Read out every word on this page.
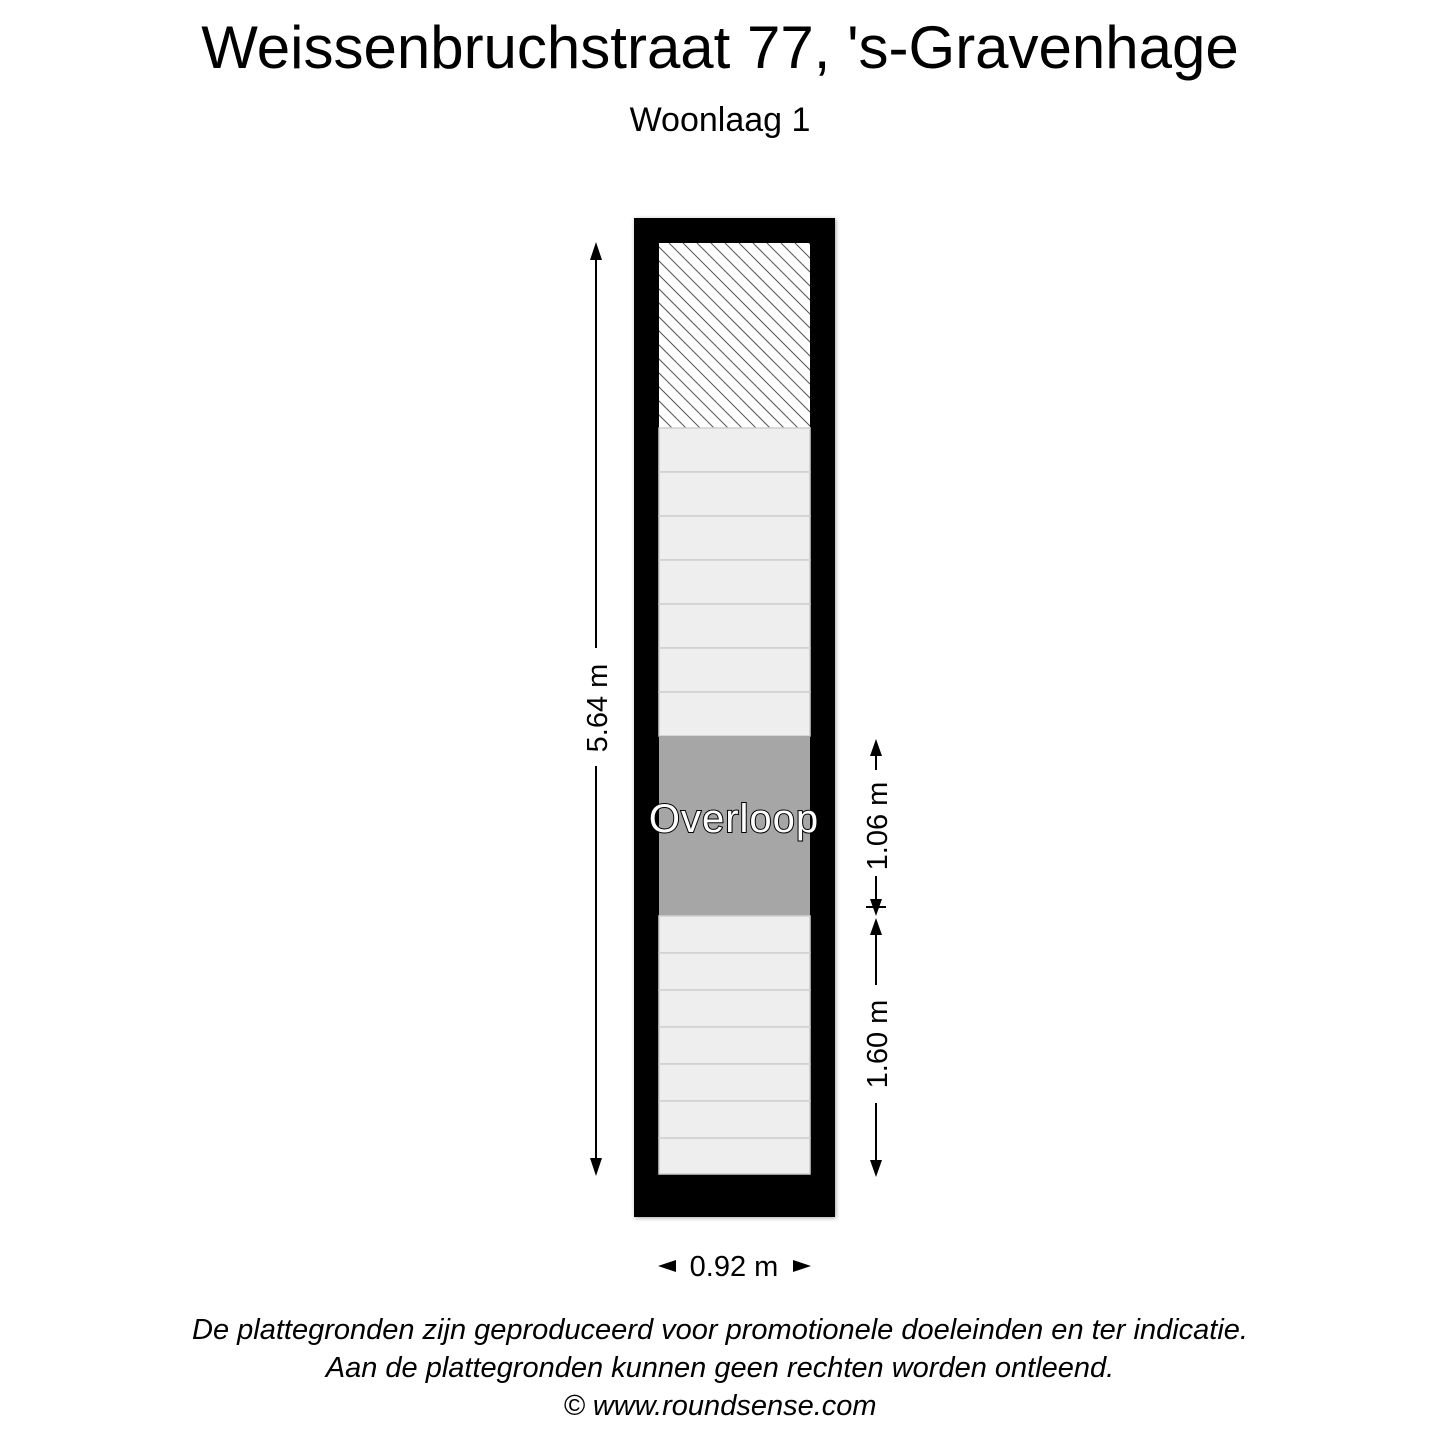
Weissenbruchstraat 77, 's-Gravenhage
Woonlaag 1
Overloop
5.64 m
1.06 m
1.60 m
0.92 m
De plattegronden zijn geproduceerd voor promotionele doeleinden en ter indicatie.
Aan de plattegronden kunnen geen rechten worden ontleend.
© www.roundsense.com
